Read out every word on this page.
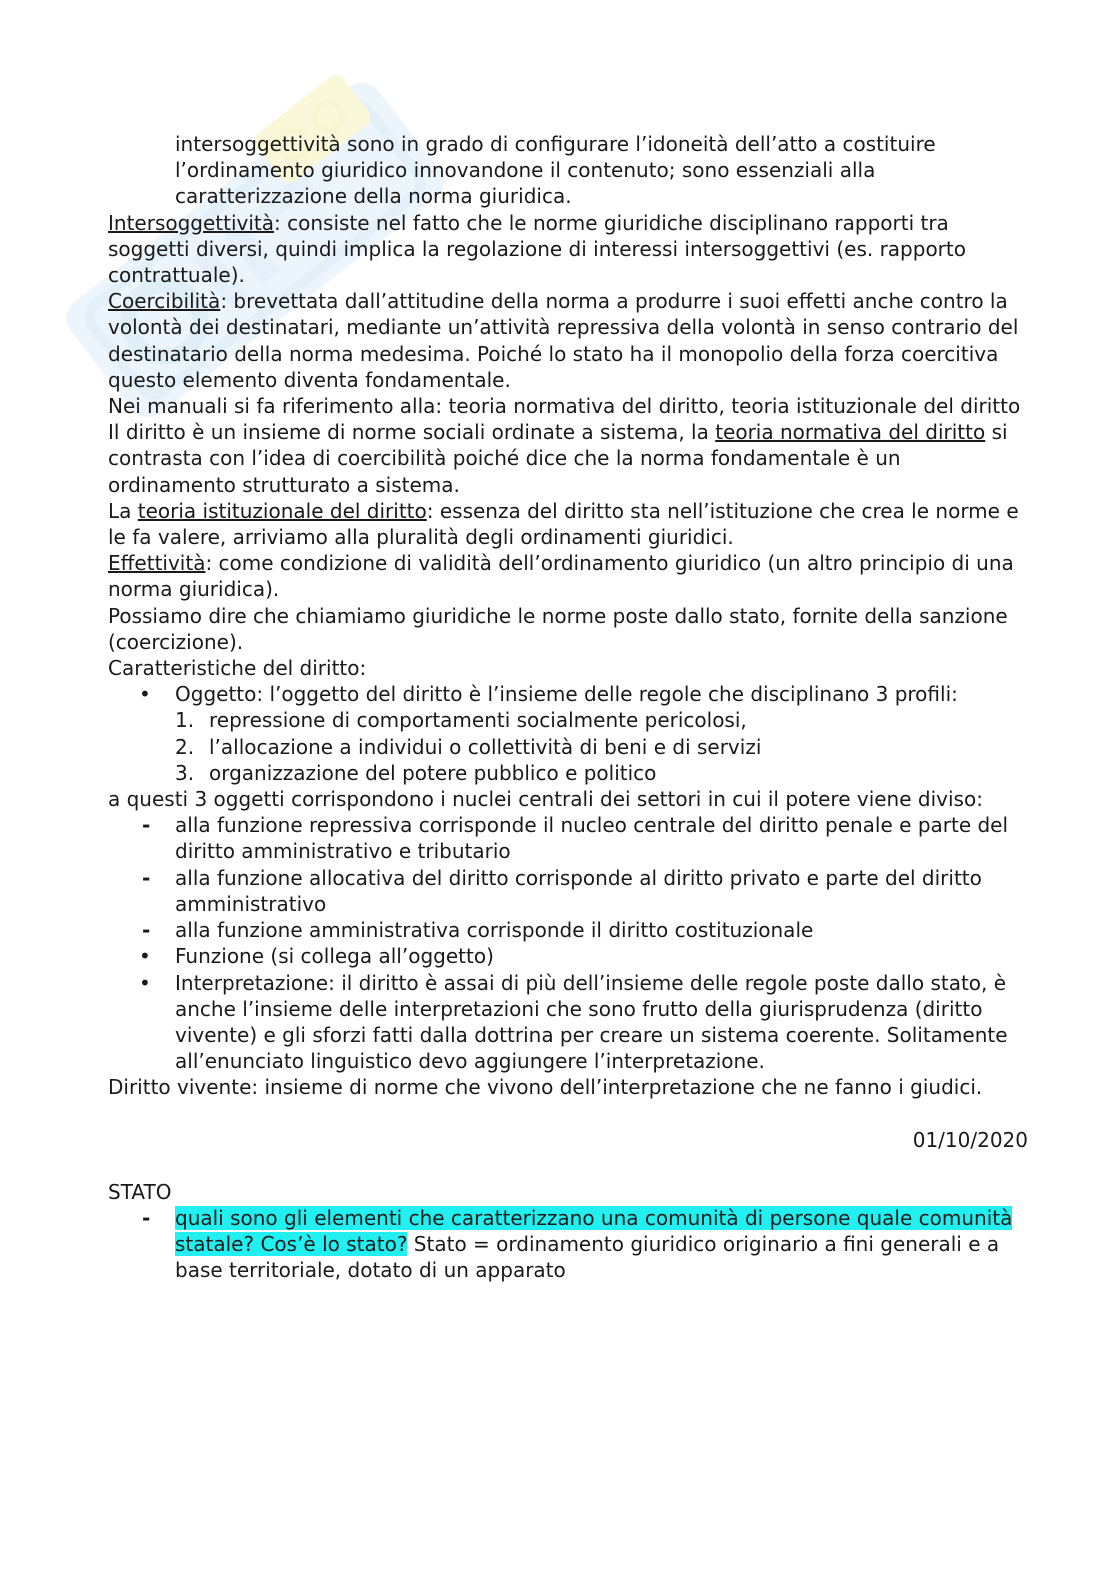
intersoggettività sono in grado di configurare l’idoneità dell’atto a costituire l’ordinamento giuridico innovandone il contenuto; sono essenziali alla caratterizzazione della norma giuridica.

Intersoggettività: consiste nel fatto che le norme giuridiche disciplinano rapporti tra soggetti diversi, quindi implica la regolazione di interessi intersoggettivi (es. rapporto contrattuale).

Coercibilità: brevettata dall’attitudine della norma a produrre i suoi effetti anche contro la volontà dei destinatari, mediante un’attività repressiva della volontà in senso contrario del destinatario della norma medesima. Poiché lo stato ha il monopolio della forza coercitiva questo elemento diventa fondamentale.

Nei manuali si fa riferimento alla: teoria normativa del diritto, teoria istituzionale del diritto

Il diritto è un insieme di norme sociali ordinate a sistema, la teoria normativa del diritto si contrasta con l’idea di coercibilità poiché dice che la norma fondamentale è un ordinamento strutturato a sistema.

La teoria istituzionale del diritto: essenza del diritto sta nell’istituzione che crea le norme e le fa valere, arriviamo alla pluralità degli ordinamenti giuridici.

Effettività: come condizione di validità dell’ordinamento giuridico (un altro principio di una norma giuridica).

Possiamo dire che chiamiamo giuridiche le norme poste dallo stato, fornite della sanzione (coercizione).

Caratteristiche del diritto:

• Oggetto: l’oggetto del diritto è l’insieme delle regole che disciplinano 3 profili:
1. repressione di comportamenti socialmente pericolosi,
2. l’allocazione a individui o collettività di beni e di servizi
3. organizzazione del potere pubblico e politico

a questi 3 oggetti corrispondono i nuclei centrali dei settori in cui il potere viene diviso:

- alla funzione repressiva corrisponde il nucleo centrale del diritto penale e parte del diritto amministrativo e tributario
- alla funzione allocativa del diritto corrisponde al diritto privato e parte del diritto amministrativo
- alla funzione amministrativa corrisponde il diritto costituzionale
• Funzione (si collega all’oggetto)
• Interpretazione: il diritto è assai di più dell’insieme delle regole poste dallo stato, è anche l’insieme delle interpretazioni che sono frutto della giurisprudenza (diritto vivente) e gli sforzi fatti dalla dottrina per creare un sistema coerente. Solitamente all’enunciato linguistico devo aggiungere l’interpretazione.

Diritto vivente: insieme di norme che vivono dell’interpretazione che ne fanno i giudici.

01/10/2020

STATO

- quali sono gli elementi che caratterizzano una comunità di persone quale comunità statale? Cos’è lo stato? Stato = ordinamento giuridico originario a fini generali e a base territoriale, dotato di un apparato
